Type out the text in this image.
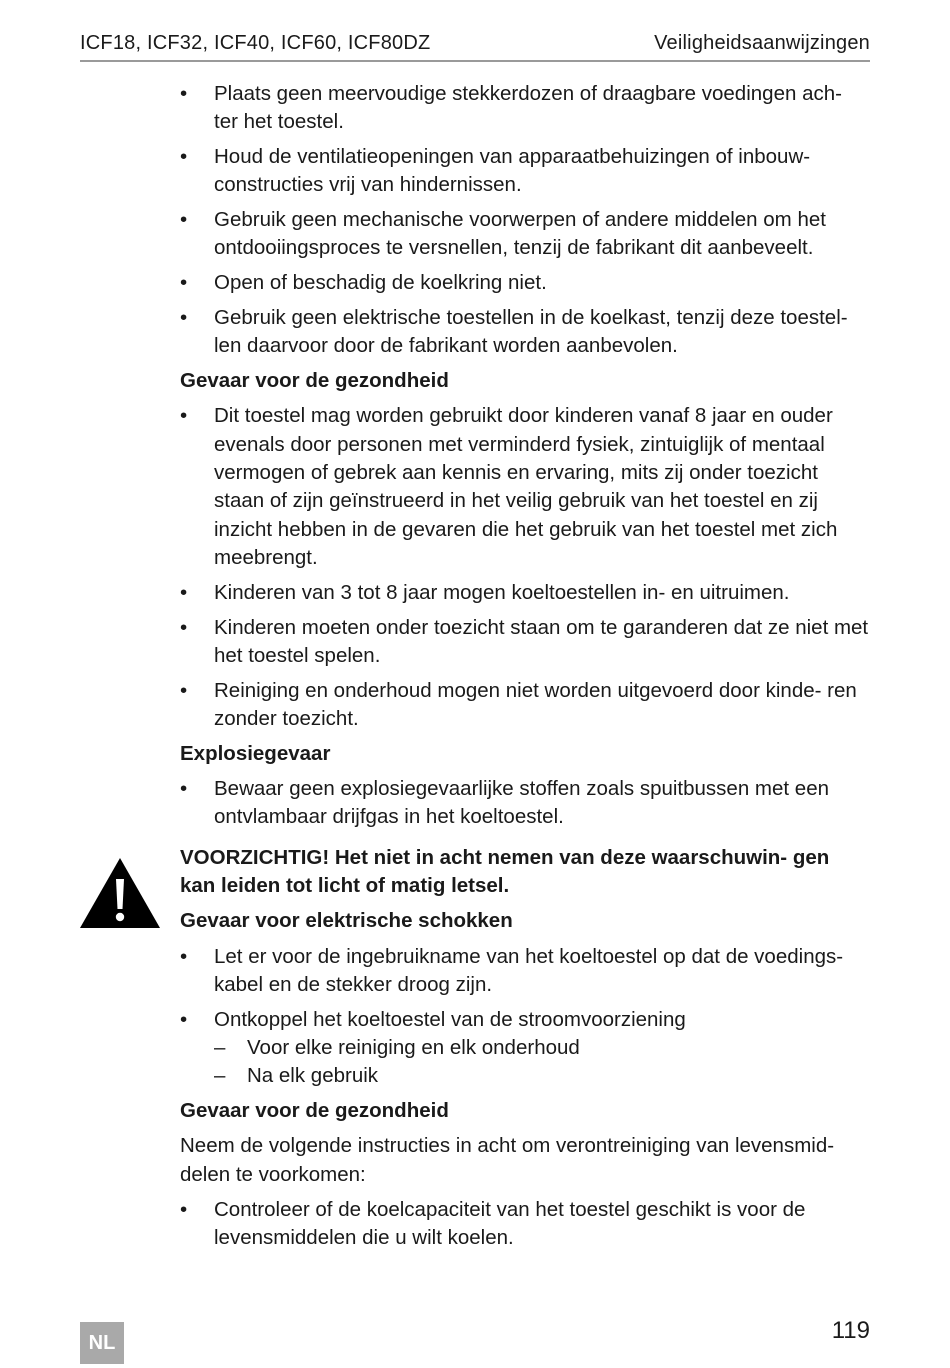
ICF18, ICF32, ICF40, ICF60, ICF80DZ	Veiligheidsaanwijzingen
•	Plaats geen meervoudige stekkerdozen of draagbare voedingen ach- ter het toestel.
•	Houd de ventilatieopeningen van apparaatbehuizingen of inbouw- constructies vrij van hindernissen.
•	Gebruik geen mechanische voorwerpen of andere middelen om het ontdooiingsproces te versnellen, tenzij de fabrikant dit aanbeveelt.
•	Open of beschadig de koelkring niet.
•	Gebruik geen elektrische toestellen in de koelkast, tenzij deze toestel- len daarvoor door de fabrikant worden aanbevolen.
Gevaar voor de gezondheid
•	Dit toestel mag worden gebruikt door kinderen vanaf 8 jaar en ouder evenals door personen met verminderd fysiek, zintuiglijk of mentaal vermogen of gebrek aan kennis en ervaring, mits zij onder toezicht staan of zijn geïnstrueerd in het veilig gebruik van het toestel en zij inzicht hebben in de gevaren die het gebruik van het toestel met zich meebrengt.
•	Kinderen van 3 tot 8 jaar mogen koeltoestellen in- en uitruimen.
•	Kinderen moeten onder toezicht staan om te garanderen dat ze niet met het toestel spelen.
•	Reiniging en onderhoud mogen niet worden uitgevoerd door kinde- ren zonder toezicht.
Explosiegevaar
•	Bewaar geen explosiegevaarlijke stoffen zoals spuitbussen met een ontvlambaar drijfgas in het koeltoestel.
VOORZICHTIG! Het niet in acht nemen van deze waarschuwin- gen kan leiden tot licht of matig letsel.
Gevaar voor elektrische schokken
•	Let er voor de ingebruikname van het koeltoestel op dat de voedings- kabel en de stekker droog zijn.
•	Ontkoppel het koeltoestel van de stroomvoorziening
– Voor elke reiniging en elk onderhoud
– Na elk gebruik
Gevaar voor de gezondheid

Neem de volgende instructies in acht om verontreiniging van levensmid- delen te voorkomen:

•	Controleer of de koelcapaciteit van het toestel geschikt is voor de levensmiddelen die u wilt koelen.
NL	119
